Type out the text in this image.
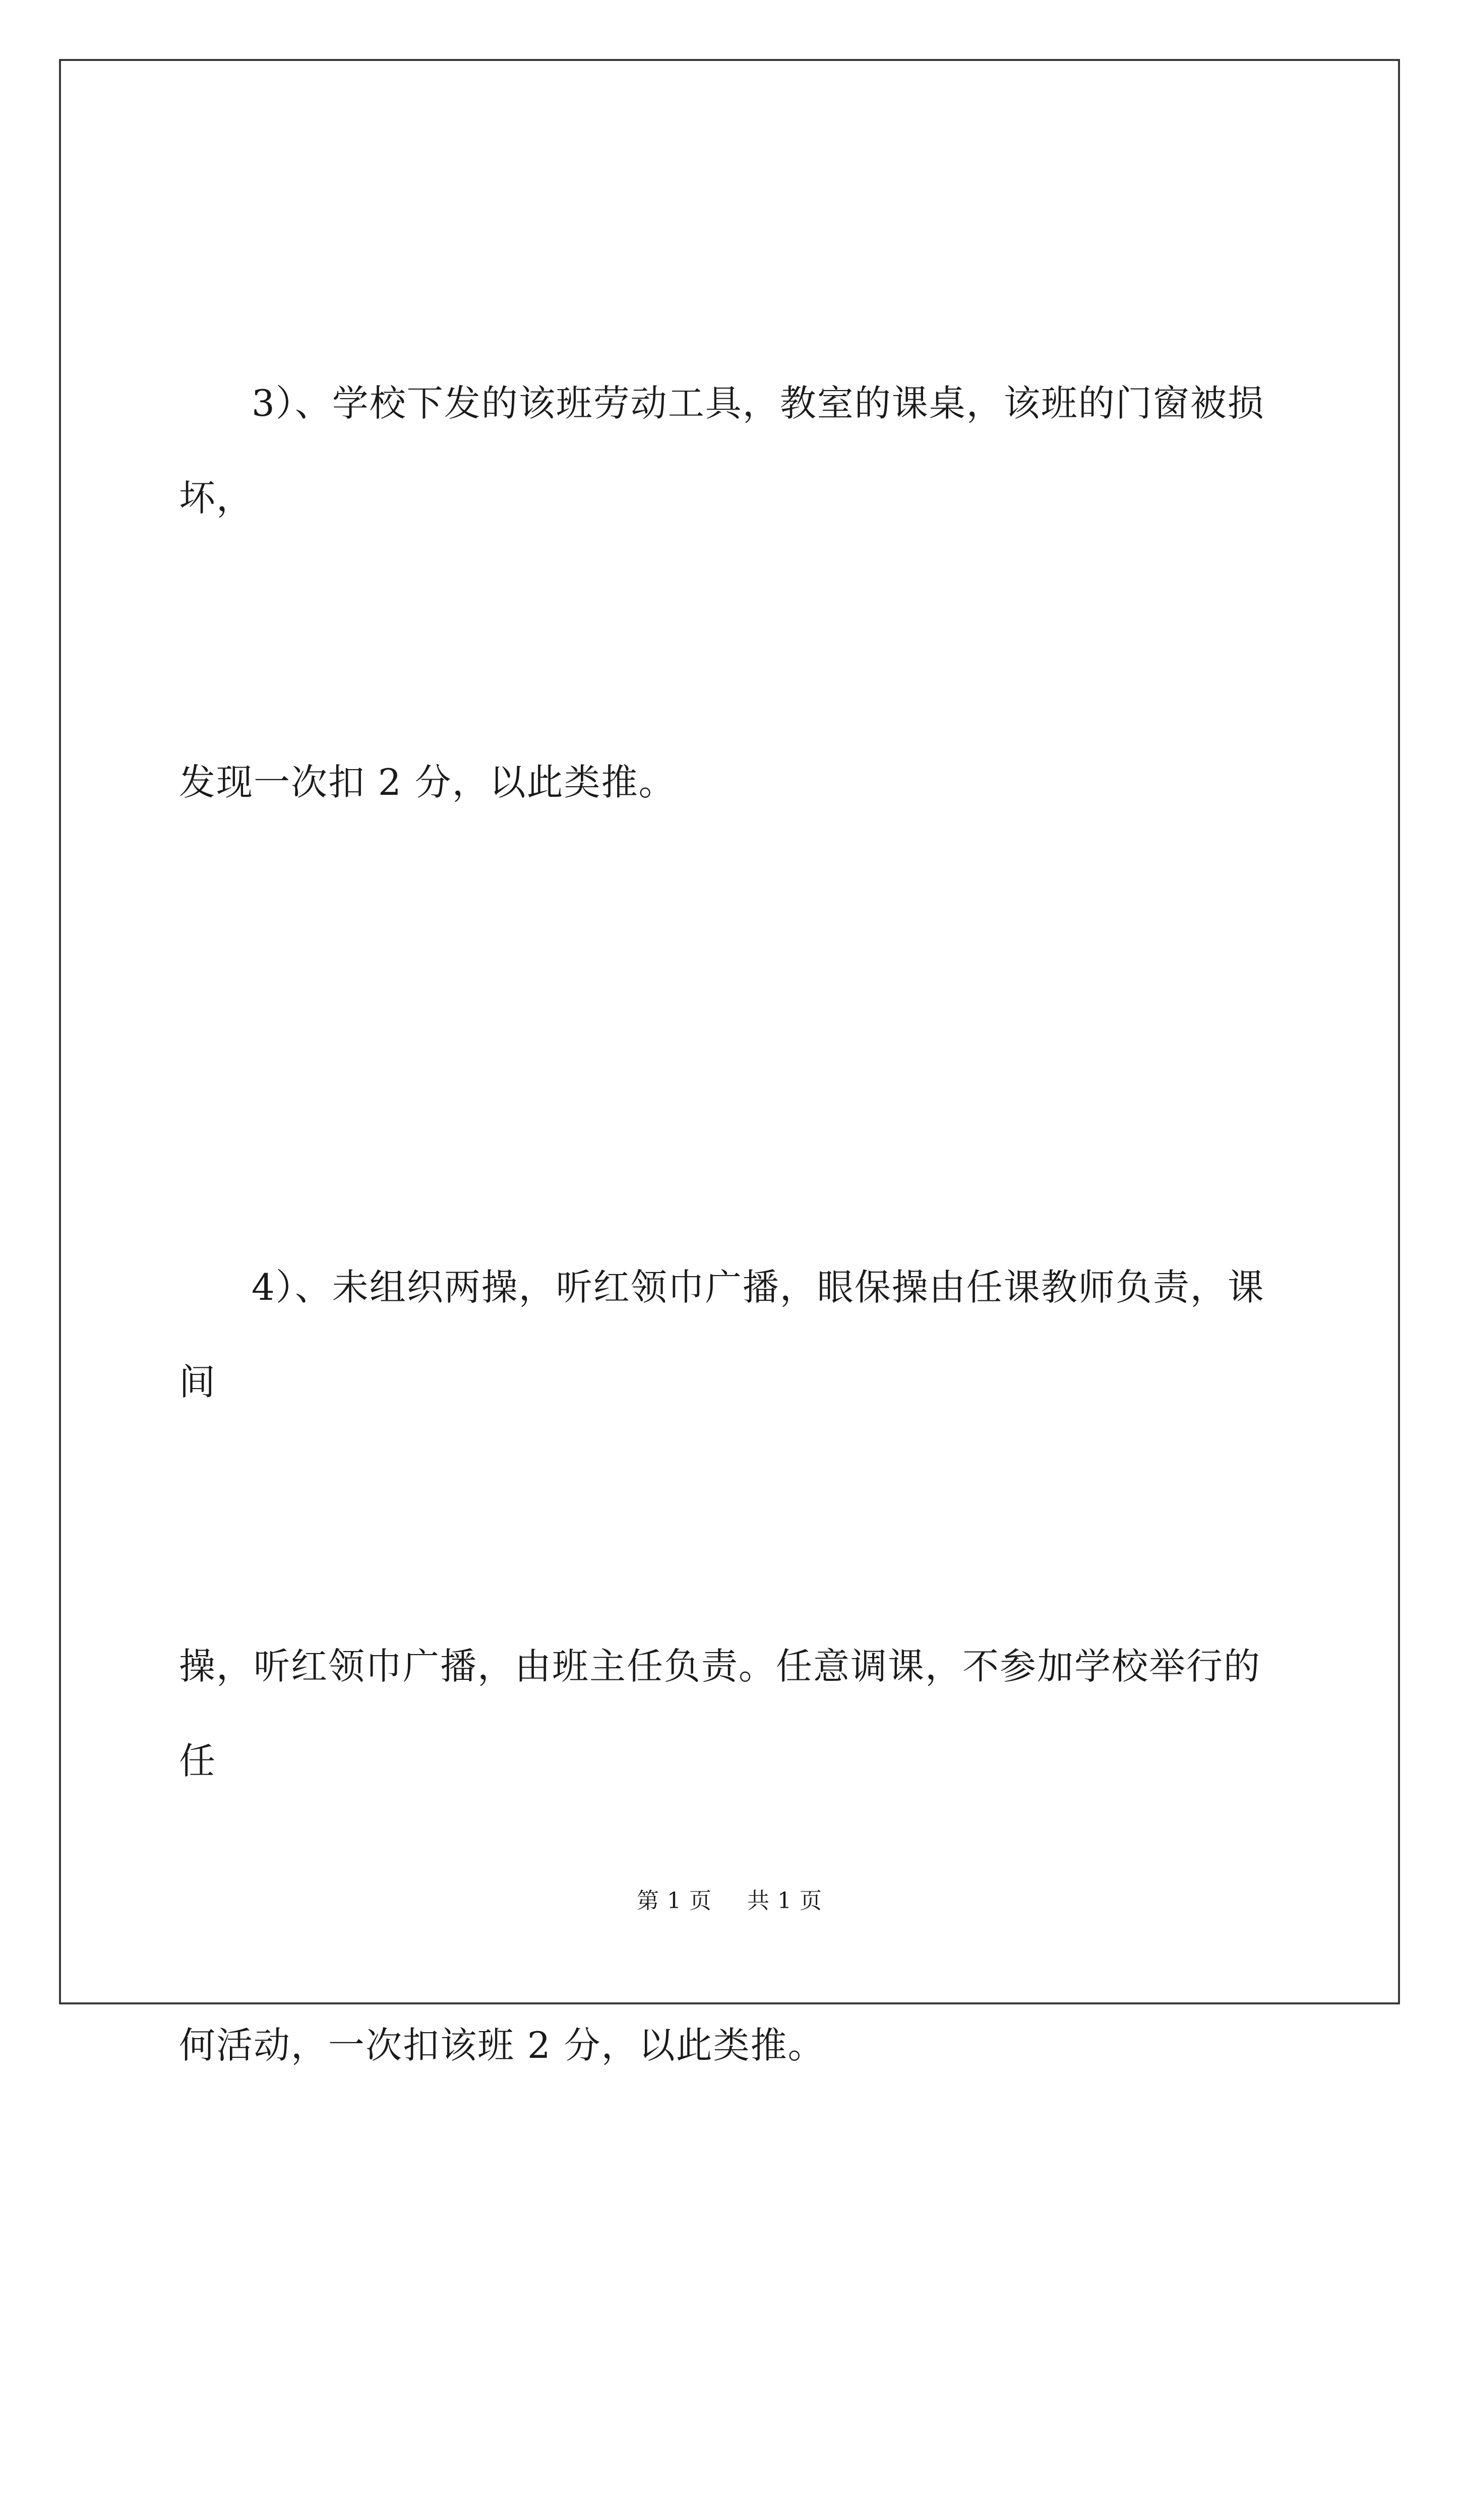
3）、学校下发的该班劳动工具，教室的课桌，该班的门窗被损坏，

发现一次扣 2 分，以此类推。

4）、未组织两操，听红领巾广播，眼保操由任课教师负责，课间

操，听红领巾广播，由班主任负责。任意调课，不参加学校举行的任

何活动，一次扣该班 2 分，以此类推。

第 1 页 共 1 页
